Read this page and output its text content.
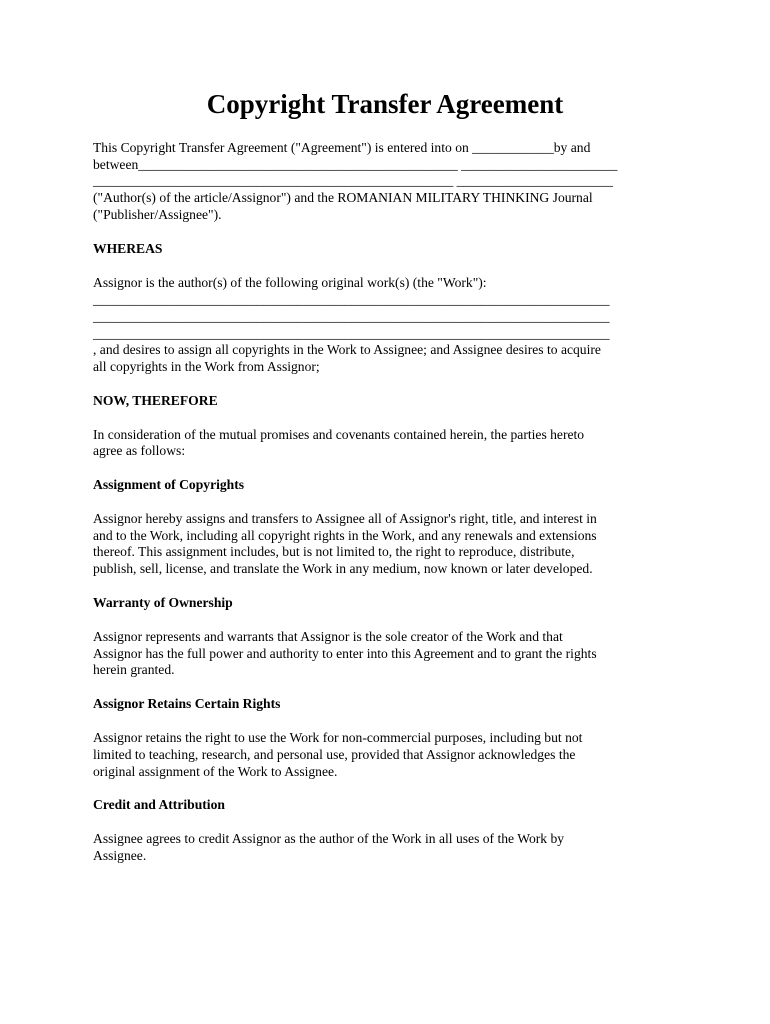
Copyright Transfer Agreement
This Copyright Transfer Agreement ("Agreement") is entered into on ____________by and
between_______________________________________________ _______________________
_____________________________________________________ _______________________
("Author(s) of the article/Assignor") and the ROMANIAN MILITARY THINKING Journal
("Publisher/Assignee").
WHEREAS
Assignor is the author(s) of the following original work(s) (the "Work"):
____________________________________________________________________________
____________________________________________________________________________
____________________________________________________________________________
, and desires to assign all copyrights in the Work to Assignee; and Assignee desires to acquire
all copyrights in the Work from Assignor;
NOW, THEREFORE
In consideration of the mutual promises and covenants contained herein, the parties hereto
agree as follows:
Assignment of Copyrights
Assignor hereby assigns and transfers to Assignee all of Assignor's right, title, and interest in
and to the Work, including all copyright rights in the Work, and any renewals and extensions
thereof. This assignment includes, but is not limited to, the right to reproduce, distribute,
publish, sell, license, and translate the Work in any medium, now known or later developed.
Warranty of Ownership
Assignor represents and warrants that Assignor is the sole creator of the Work and that
Assignor has the full power and authority to enter into this Agreement and to grant the rights
herein granted.
Assignor Retains Certain Rights
Assignor retains the right to use the Work for non-commercial purposes, including but not
limited to teaching, research, and personal use, provided that Assignor acknowledges the
original assignment of the Work to Assignee.
Credit and Attribution
Assignee agrees to credit Assignor as the author of the Work in all uses of the Work by
Assignee.
